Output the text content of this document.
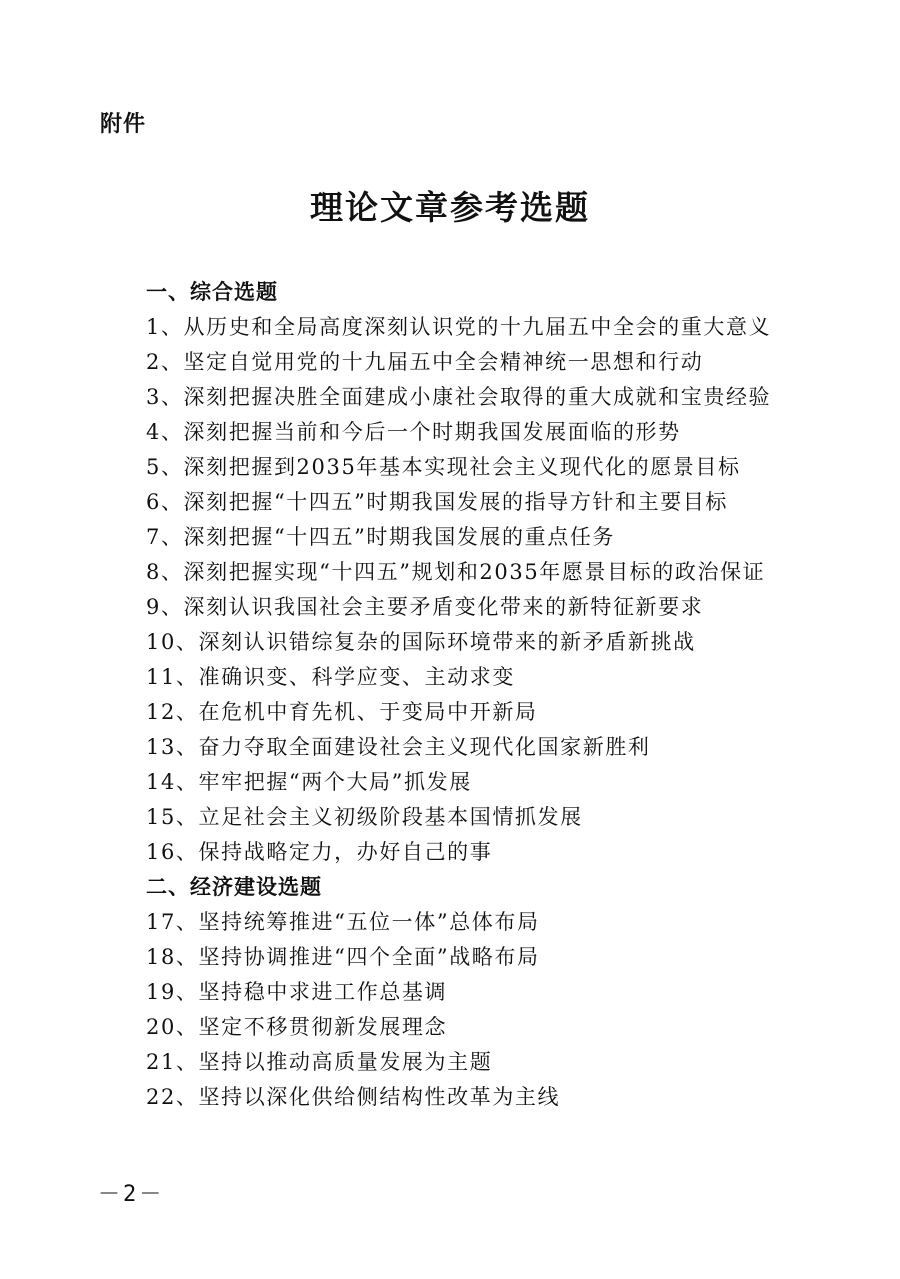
附件
理论文章参考选题
一、综合选题
1、从历史和全局高度深刻认识党的十九届五中全会的重大意义
2、坚定自觉用党的十九届五中全会精神统一思想和行动
3、深刻把握决胜全面建成小康社会取得的重大成就和宝贵经验
4、深刻把握当前和今后一个时期我国发展面临的形势
5、深刻把握到2035年基本实现社会主义现代化的愿景目标
6、深刻把握“十四五”时期我国发展的指导方针和主要目标
7、深刻把握“十四五”时期我国发展的重点任务
8、深刻把握实现“十四五”规划和2035年愿景目标的政治保证
9、深刻认识我国社会主要矛盾变化带来的新特征新要求
10、深刻认识错综复杂的国际环境带来的新矛盾新挑战
11、准确识变、科学应变、主动求变
12、在危机中育先机、于变局中开新局
13、奋力夺取全面建设社会主义现代化国家新胜利
14、牢牢把握“两个大局”抓发展
15、立足社会主义初级阶段基本国情抓发展
16、保持战略定力，办好自己的事
二、经济建设选题
17、坚持统筹推进“五位一体”总体布局
18、坚持协调推进“四个全面”战略布局
19、坚持稳中求进工作总基调
20、坚定不移贯彻新发展理念
21、坚持以推动高质量发展为主题
22、坚持以深化供给侧结构性改革为主线
－2－
